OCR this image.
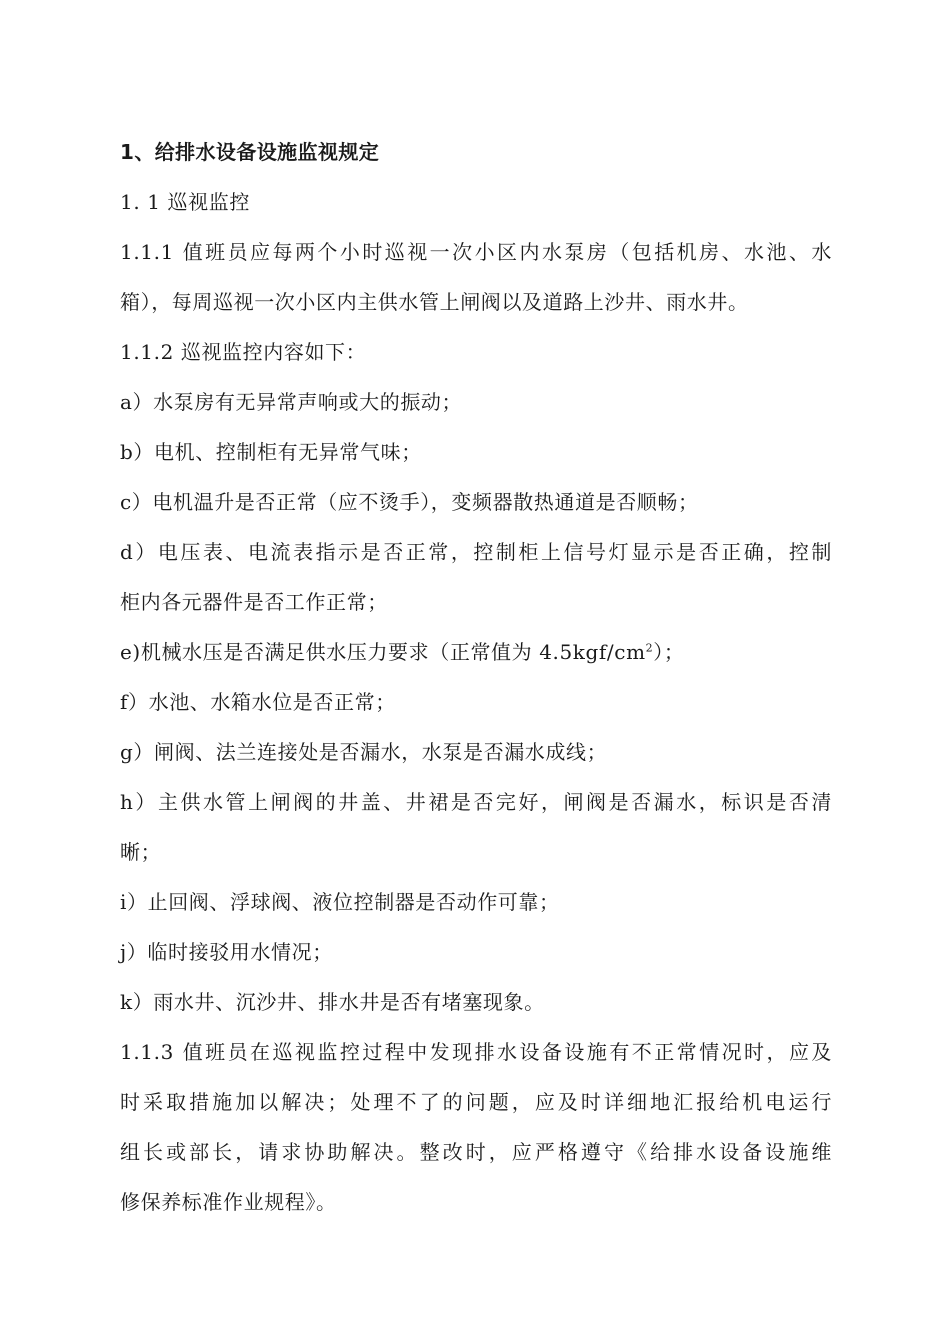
1、给排水设备设施监视规定
1. 1 巡视监控
1.1.1 值班员应每两个小时巡视一次小区内水泵房（包括机房、水池、水
箱），每周巡视一次小区内主供水管上闸阀以及道路上沙井、雨水井。
1.1.2 巡视监控内容如下：
a）水泵房有无异常声响或大的振动；
b）电机、控制柜有无异常气味；
c）电机温升是否正常（应不烫手），变频器散热通道是否顺畅；
d）电压表、电流表指示是否正常，控制柜上信号灯显示是否正确，控制
柜内各元器件是否工作正常；
e)机械水压是否满足供水压力要求（正常值为 $4.5kgf/cm^2$）；
f）水池、水箱水位是否正常；
g）闸阀、法兰连接处是否漏水，水泵是否漏水成线；
h）主供水管上闸阀的井盖、井裙是否完好，闸阀是否漏水，标识是否清
晰；
i）止回阀、浮球阀、液位控制器是否动作可靠；
j）临时接驳用水情况；
k）雨水井、沉沙井、排水井是否有堵塞现象。
1.1.3 值班员在巡视监控过程中发现排水设备设施有不正常情况时，应及
时采取措施加以解决；处理不了的问题，应及时详细地汇报给机电运行
组长或部长，请求协助解决。整改时，应严格遵守《给排水设备设施维
修保养标准作业规程》。
